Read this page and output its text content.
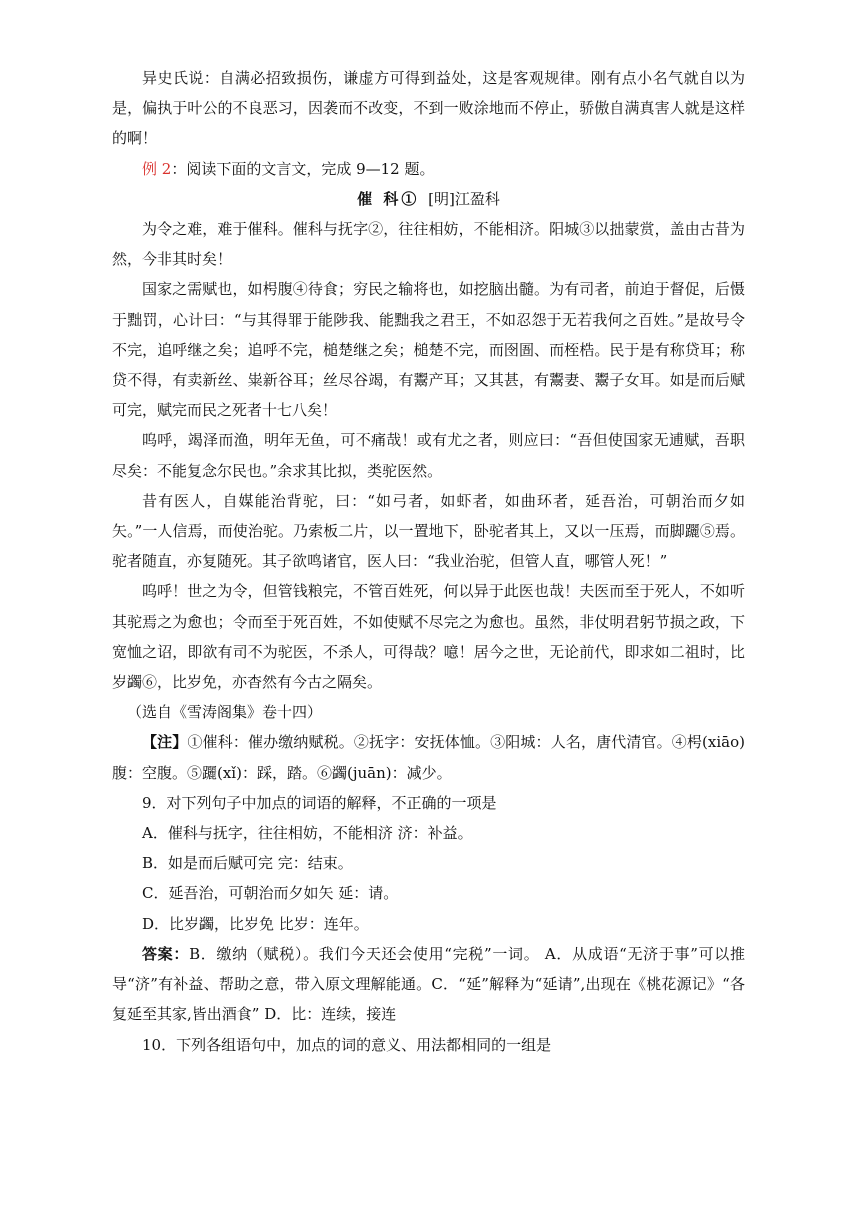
异史氏说：自满必招致损伤，谦虚方可得到益处，这是客观规律。刚有点小名气就自以为是，偏执于叶公的不良恶习，因袭而不改变，不到一败涂地而不停止，骄傲自满真害人就是这样的啊！

例 2：阅读下面的文言文，完成 9—12 题。

催 科① [明]江盈科

为令之难，难于催科。催科与抚字②，往往相妨，不能相济。阳城③以拙蒙赏，盖由古昔为然，今非其时矣！

国家之需赋也，如枵腹④待食；穷民之输将也，如挖脑出髓。为有司者，前迫于督促，后慑于黜罚，心计曰：“与其得罪于能陟我、能黜我之君王，不如忍怨于无若我何之百姓。”是故号令不完，追呼继之矣；追呼不完，槌楚继之矣；槌楚不完，而囹圄、而桎梏。民于是有称贷耳；称贷不得，有卖新丝、粜新谷耳；丝尽谷竭，有鬻产耳；又其甚，有鬻妻、鬻子女耳。如是而后赋可完，赋完而民之死者十七八矣！

呜呼，竭泽而渔，明年无鱼，可不痛哉！或有尤之者，则应曰：“吾但使国家无逋赋，吾职尽矣：不能复念尔民也。”余求其比拟，类驼医然。

昔有医人，自媒能治背驼，曰：“如弓者，如虾者，如曲环者，延吾治，可朝治而夕如矢。”一人信焉，而使治驼。乃索板二片，以一置地下，卧驼者其上，又以一压焉，而脚躧⑤焉。驼者随直，亦复随死。其子欲鸣诸官，医人曰：“我业治驼，但管人直，哪管人死！”

呜呼！世之为令，但管钱粮完，不管百姓死，何以异于此医也哉！夫医而至于死人，不如听其驼焉之为愈也；令而至于死百姓，不如使赋不尽完之为愈也。虽然，非仗明君躬节损之政，下宽恤之诏，即欲有司不为驼医，不杀人，可得哉？噫！居今之世，无论前代，即求如二祖时，比岁蠲⑥，比岁免，亦杳然有今古之隔矣。

（选自《雪涛阁集》卷十四）

【注】①催科：催办缴纳赋税。②抚字：安抚体恤。③阳城：人名，唐代清官。④枵(xiāo)腹：空腹。⑤躧(xǐ)：踩，踏。⑥蠲(juān)：减少。

9．对下列句子中加点的词语的解释，不正确的一项是

A．催科与抚字，往往相妨，不能相济 济：补益。

B．如是而后赋可完 完：结束。

C．延吾治，可朝治而夕如矢 延：请。

D．比岁蠲，比岁免 比岁：连年。

答案：B．缴纳（赋税）。我们今天还会使用“完税”一词。 A．从成语“无济于事”可以推导“济”有补益、帮助之意，带入原文理解能通。C．“延”解释为“延请”,出现在《桃花源记》“各复延至其家,皆出酒食” D．比：连续，接连

10．下列各组语句中，加点的词的意义、用法都相同的一组是
